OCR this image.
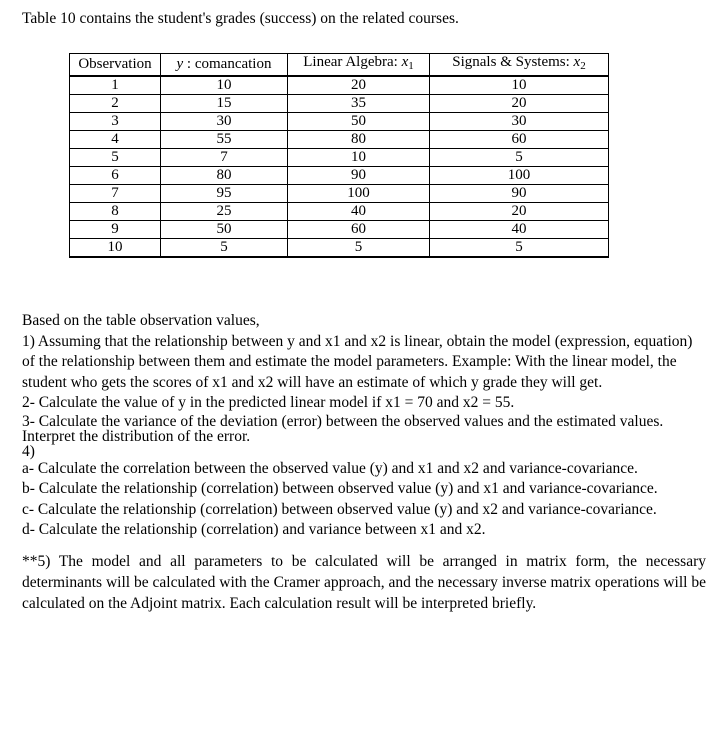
Table 10 contains the student's grades (success) on the related courses.
Observation	y : comancation	Linear Algebra: $x_1$	Signals & Systems: $x_2$
1	10	20	10
2	15	35	20
3	30	50	30
4	55	80	60
5	7	10	5
6	80	90	100
7	95	100	90
8	25	40	20
9	50	60	40
10	5	5	5

Based on the table observation values,

1) Assuming that the relationship between y and x1 and x2 is linear, obtain the model (expression, equation) of the relationship between them and estimate the model parameters. Example: With the linear model, the student who gets the scores of x1 and x2 will have an estimate of which y grade they will get.

2- Calculate the value of y in the predicted linear model if x1 = 70 and x2 = 55.

3- Calculate the variance of the deviation (error) between the observed values and the estimated values. Interpret the distribution of the error.

4)

a- Calculate the correlation between the observed value (y) and x1 and x2 and variance-covariance.

b- Calculate the relationship (correlation) between observed value (y) and x1 and variance-covariance.

c- Calculate the relationship (correlation) between observed value (y) and x2 and variance-covariance.

d- Calculate the relationship (correlation) and variance between x1 and x2.

**5) The model and all parameters to be calculated will be arranged in matrix form, the necessary determinants will be calculated with the Cramer approach, and the necessary inverse matrix operations will be calculated on the Adjoint matrix. Each calculation result will be interpreted briefly.
